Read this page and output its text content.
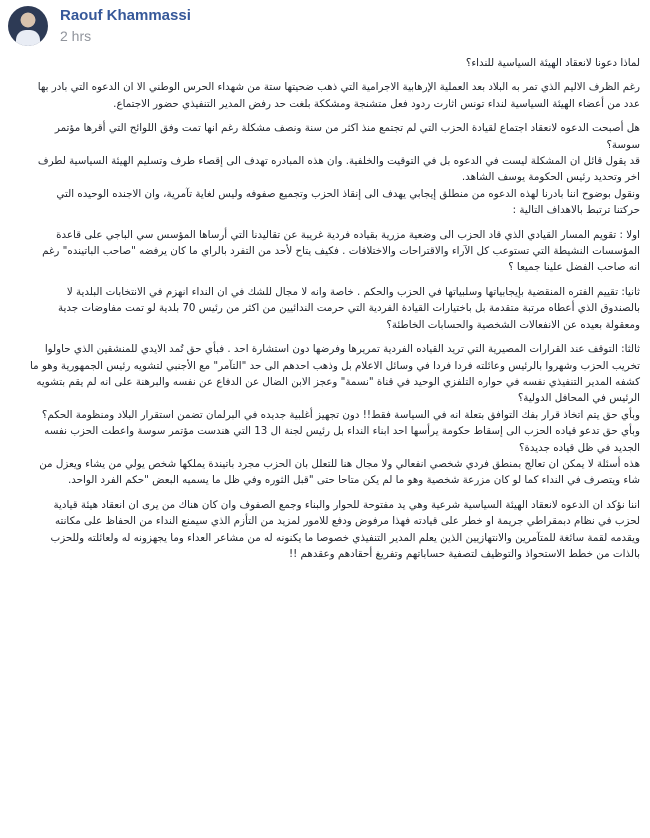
Raouf Khammassi
2 hrs

لماذا دعونا لانعقاد الهيئة السياسية للنداء؟

رغم الظرف الاليم الذي تمر به البلاد بعد العملية الإرهابية الاجرامية التي ذهب ضحيتها ستة من شهداء الحرس الوطني الا ان الدعوه التي بادر بها عدد من أعضاء الهيئة السياسية لنداء تونس اثارت ردود فعل متشنجة ومشككة بلغت حد رفض المدير التنفيذي حضور الاجتماع.

هل أصبحت الدعوه لانعقاد اجتماع لقيادة الحزب التي لم تجتمع منذ اكثر من سنة ونصف مشكلة رغم انها تمت وفق اللوائح التي أقرها مؤتمر سوسة؟

قد يقول قائل ان المشكلة ليست في الدعوه بل في التوقيت والخلفية. وان هذه المبادره تهدف الى إقصاء طرف وتسليم الهيئة السياسية لطرف اخر وتحديد رئيس الحكومة يوسف الشاهد.

ونقول بوضوح اننا بادرنا لهذه الدعوه من منطلق إيجابي يهدف الى إنقاذ الحزب وتجميع صفوفه وليس لغاية تآمرية، وان الاجنده الوحيده التي حركتنا ترتبط بالاهداف التالية :

اولا : تقويم المسار القيادي الذي قاد الحزب الى وضعية مزرية بقياده فردية غريبة عن تقاليدنا التي أرساها المؤسس سي الباجي على قاعدة المؤسسات النشيطة التي تستوعب كل الآراء والاقتراحات والاختلافات . فكيف يتاح لأحد من التفرد بالراي ما كان يرفضه "صاحب الباتينده" رغم انه صاحب الفضل علينا جميعا ؟

ثانيا: تقييم الفتره المنقضية بإيجابياتها وسلبياتها في الحزب والحكم . خاصة وانه لا مجال للشك في ان النداء انهزم في الانتخابات البلدية لا بالصندوق الذي أعطاه مرتبة متقدمة بل باختيارات القيادة الفردية التي حرمت الندائيين من اكثر من رئيس 70 بلدية لو تمت مفاوضات جدية ومعقولة بعيده عن الانفعالات الشخصية والحسابات الخاطئة؟

ثالثا: التوقف عند القرارات المصيرية التي تريد القياده الفردية تمريرها وفرضها دون استشارة احد . فبأي حق تُمد الايدي للمنشقين الذي حاولوا تخريب الحزب وشهروا بالرئيس وعائلته فردا فردا في وسائل الاعلام بل وذهب احدهم الى حد "التآمر" مع الأجنبي لتشويه رئيس الجمهورية وهو ما كشفه المدير التنفيذي نفسه في حواره التلفزي الوحيد في قناة "نسمة" وعجز الابن الضال عن الدفاع عن نفسه والبرهنة على انه لم يقم بتشويه الرئيس في المحافل الدولية؟

وبأي حق يتم اتخاذ قرار بفك التوافق بتعلة انه في السياسة فقط!! دون تجهيز أغلبية جديده في البرلمان تضمن استقرار البلاد ومنظومة الحكم؟

وبأي حق تدعو قياده الحزب الى إسقاط حكومة يرأسها احد ابناء النداء بل رئيس لجنة ال 13 التي هندست مؤتمر سوسة واعطت الحزب نفسه الجديد في ظل قياده جديدة؟

هذه أسئلة لا يمكن ان تعالج بمنطق فردي شخصي انفعالي ولا مجال هنا للتعلل بان الحزب مجرد باتيندة يملكها شخص يولي من يشاء ويعزل من شاء ويتصرف في النداء كما لو كان مزرعة شخصية وهو ما لم يكن متاحا حتى "قبل الثوره وفي ظل ما يسميه البعض "حكم الفرد الواحد.

اننا نؤكد ان الدعوه لانعقاد الهيئة السياسية شرعية وهي يد مفتوحة للحوار والبناء وجمع الصفوف وان كان هناك من يرى ان انعقاد هيئة قيادية لحزب في نظام دبمقراطي جريمة او خطر على قيادته فهذا مرفوض ودفع للامور لمزيد من التأزم الذي سيمنع النداء من الحفاظ على مكانته ويقدمه لقمة سائغة للمتآمرين والانتهازيين الذين يعلم المدير التنفيذي خصوصا ما يكنونه له من مشاعر العداء وما يجهزونه له ولعائلته وللحزب بالذات من خطط الاستحواذ والتوظيف لتصفية حساباتهم وتفريغ أحقادهم وعقدهم !!
